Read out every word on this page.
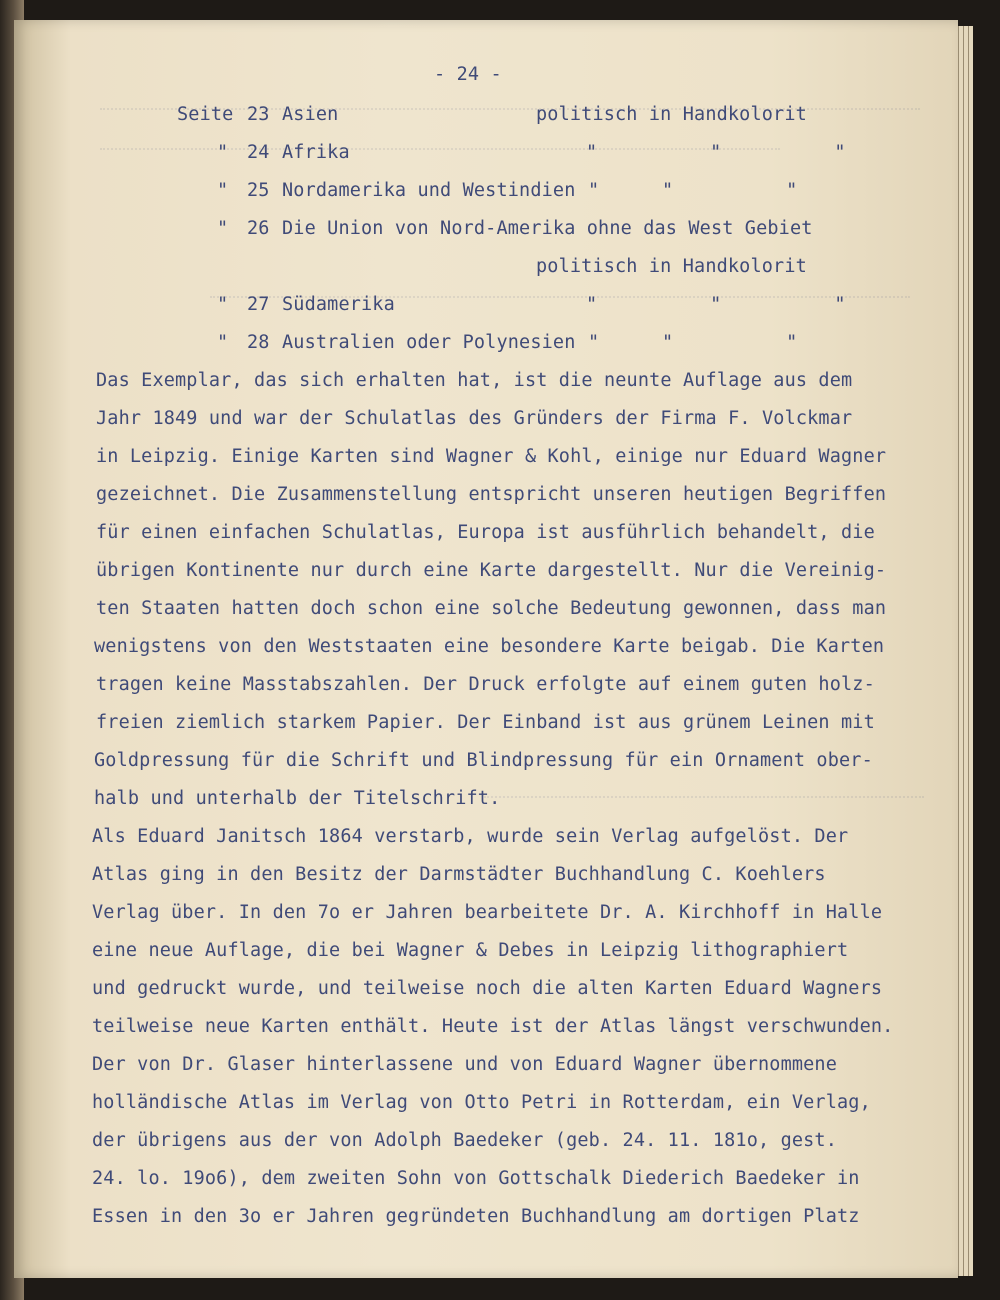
- 24 -

Seite 23 Asien	politisch in Handkolorit

" 24 Afrika	"          "          "

" 25 Nordamerika und Westindien "	"          "

" 26 Die Union von Nord-Amerika ohne das West Gebiet

politisch in Handkolorit

" 27 Südamerika	"          "          "

" 28 Australien oder Polynesien "	"          "

Das Exemplar, das sich erhalten hat, ist die neunte Auflage aus dem

Jahr 1849 und war der Schulatlas des Gründers der Firma F. Volckmar

in Leipzig. Einige Karten sind Wagner & Kohl, einige nur Eduard Wagner

gezeichnet. Die Zusammenstellung entspricht unseren heutigen Begriffen

für einen einfachen Schulatlas, Europa ist ausführlich behandelt, die

übrigen Kontinente nur durch eine Karte dargestellt. Nur die Vereinig-

ten Staaten hatten doch schon eine solche Bedeutung gewonnen, dass man

wenigstens von den Weststaaten eine besondere Karte beigab. Die Karten

tragen keine Masstabszahlen. Der Druck erfolgte auf einem guten holz-

freien ziemlich starkem Papier. Der Einband ist aus grünem Leinen mit

Goldpressung für die Schrift und Blindpressung für ein Ornament ober-

halb und unterhalb der Titelschrift.

Als Eduard Janitsch 1864 verstarb, wurde sein Verlag aufgelöst. Der

Atlas ging in den Besitz der Darmstädter Buchhandlung C. Koehlers

Verlag über. In den 7o er Jahren bearbeitete Dr. A. Kirchhoff in Halle

eine neue Auflage, die bei Wagner & Debes in Leipzig lithographiert

und gedruckt wurde, und teilweise noch die alten Karten Eduard Wagners

teilweise neue Karten enthält. Heute ist der Atlas längst verschwunden.

Der von Dr. Glaser hinterlassene und von Eduard Wagner übernommene

holländische Atlas im Verlag von Otto Petri in Rotterdam, ein Verlag,

der übrigens aus der von Adolph Baedeker (geb. 24. 11. 181o, gest.

24. lo. 19o6), dem zweiten Sohn von Gottschalk Diederich Baedeker in

Essen in den 3o er Jahren gegründeten Buchhandlung am dortigen Platz
